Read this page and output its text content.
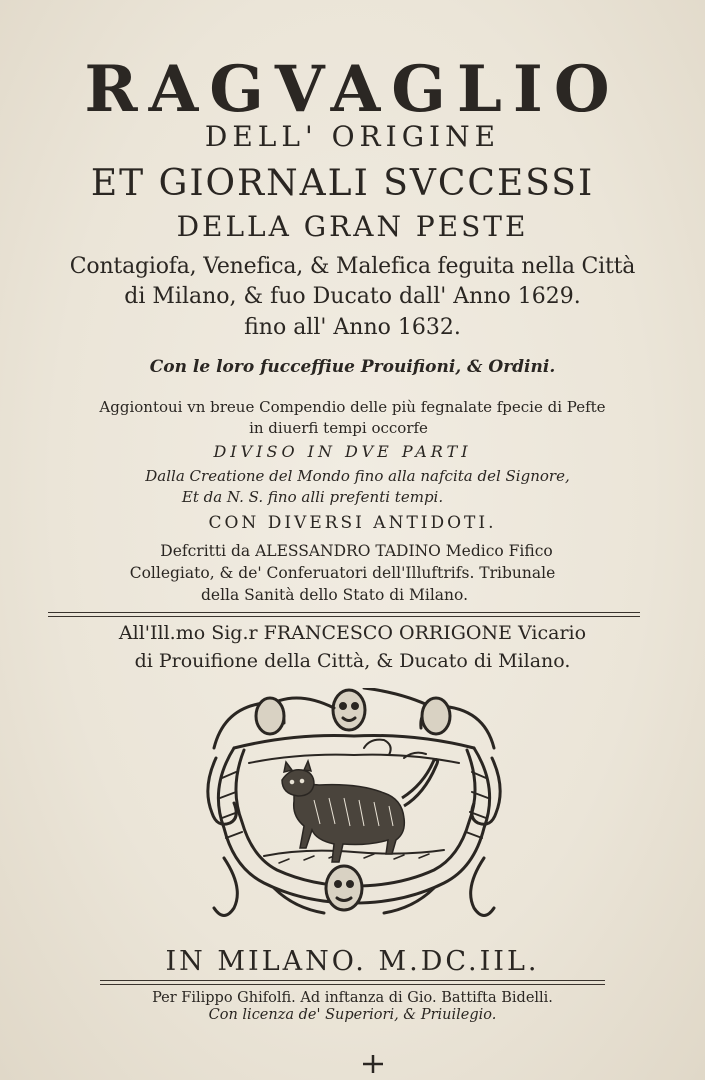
RAGVAGLIO
DELL' ORIGINE
ET GIORNALI SVCCESSI
DELLA GRAN PESTE
Contagiofa, Venefica, & Malefica feguita nella Città
di Milano, & fuo Ducato dall' Anno 1629.
fino all' Anno 1632.
Con le loro fucceffiue Prouifioni, & Ordini.
Aggiontoui vn breue Compendio delle più fegnalate fpecie di Pefte
in diuerfi tempi occorfe
DIVISO IN DVE PARTI
Dalla Creatione del Mondo fino alla nafcita del Signore,
Et da N. S. fino alli prefenti tempi.
CON DIVERSI ANTIDOTI.
Defcritti da ALESSANDRO TADINO Medico Fifico
Collegiato, & de' Conferuatori dell'Illuftrifs. Tribunale
della Sanità dello Stato di Milano.
All'Ill.mo Sig.r FRANCESCO ORRIGONE Vicario
di Prouifione della Città, & Ducato di Milano.
IN MILANO. M.DC.IIL.
Per Filippo Ghifolfi. Ad inftanza di Gio. Battifta Bidelli.
Con licenza de' Superiori, & Priuilegio.
